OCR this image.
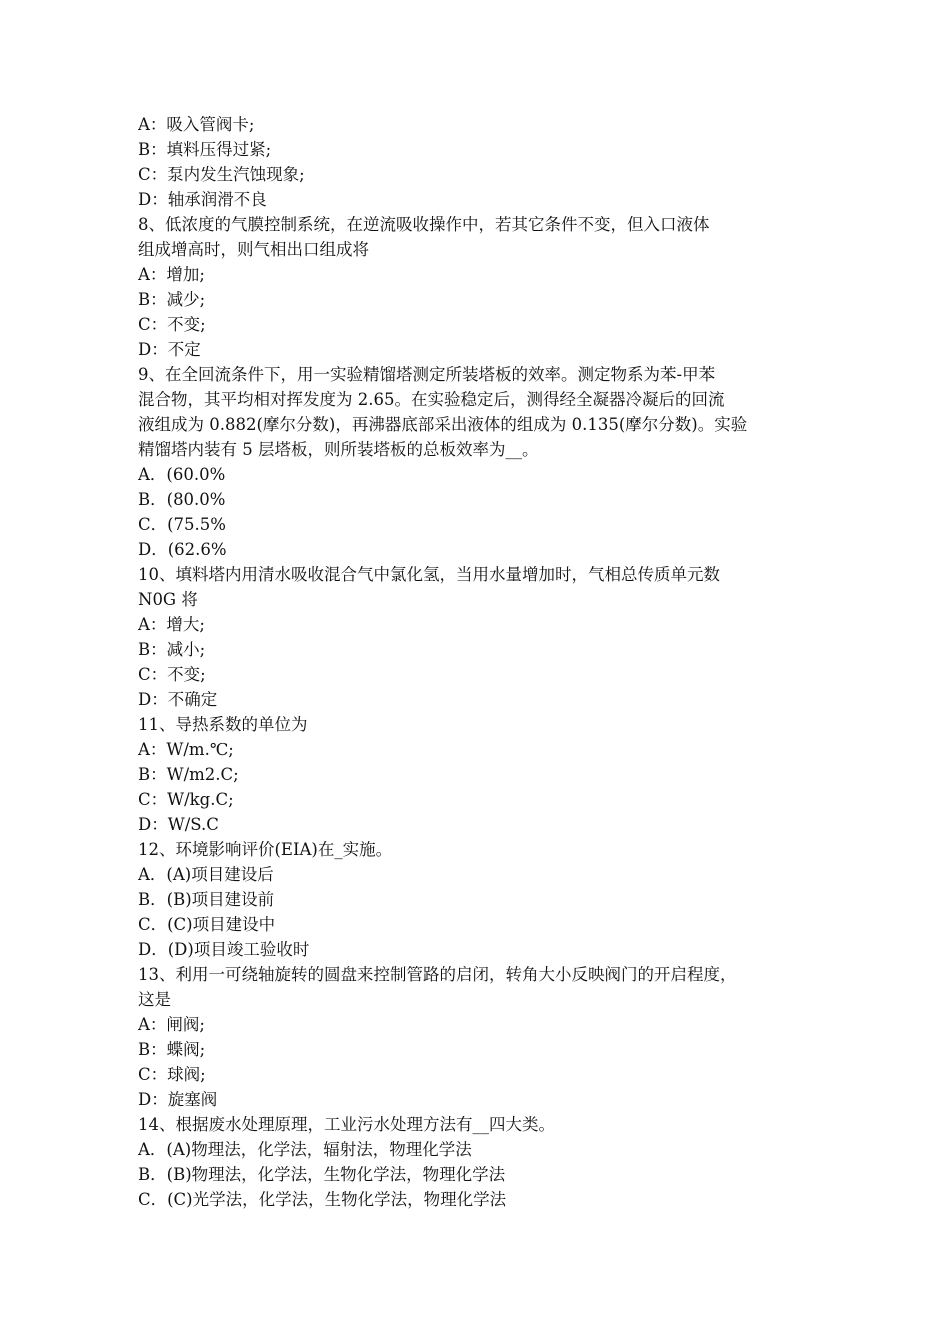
A：吸入管阀卡;
B：填料压得过紧;
C：泵内发生汽蚀现象;
D：轴承润滑不良
8、低浓度的气膜控制系统，在逆流吸收操作中，若其它条件不变，但入口液体
组成增高时，则气相出口组成将
A：增加;
B：减少;
C：不变;
D：不定
9、在全回流条件下，用一实验精馏塔测定所装塔板的效率。测定物系为苯-甲苯
混合物，其平均相对挥发度为 2.65。在实验稳定后，测得经全凝器冷凝后的回流
液组成为 0.882(摩尔分数)，再沸器底部采出液体的组成为 0.135(摩尔分数)。实验
精馏塔内装有 5 层塔板，则所装塔板的总板效率为__。
A．(60.0%
B．(80.0%
C．(75.5%
D．(62.6%
10、填料塔内用清水吸收混合气中氯化氢，当用水量增加时，气相总传质单元数
N0G 将
A：增大;
B：减小;
C：不变;
D：不确定
11、导热系数的单位为
A：W/m.℃;
B：W/m2.C;
C：W/kg.C;
D：W/S.C
12、环境影响评价(EIA)在_实施。
A．(A)项目建设后
B．(B)项目建设前
C．(C)项目建设中
D．(D)项目竣工验收时
13、利用一可绕轴旋转的圆盘来控制管路的启闭，转角大小反映阀门的开启程度，
这是
A：闸阀;
B：蝶阀;
C：球阀;
D：旋塞阀
14、根据废水处理原理，工业污水处理方法有__四大类。
A．(A)物理法，化学法，辐射法，物理化学法
B．(B)物理法，化学法，生物化学法，物理化学法
C．(C)光学法，化学法，生物化学法，物理化学法
